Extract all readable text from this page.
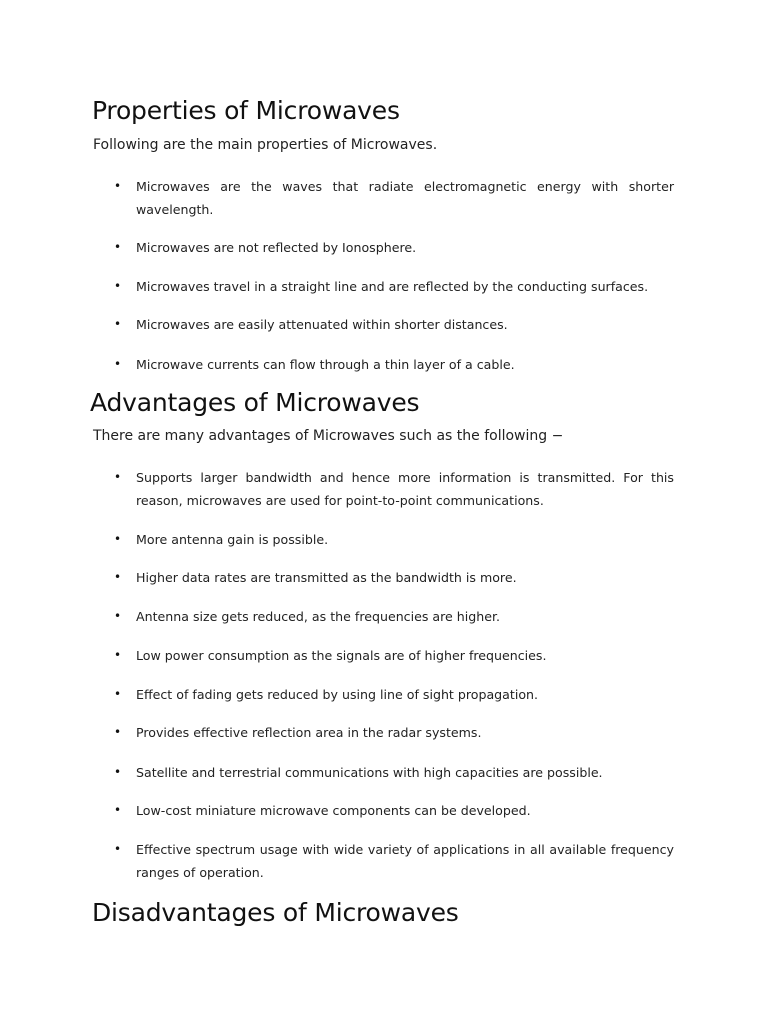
Properties of Microwaves

Following are the main properties of Microwaves.

• Microwaves are the waves that radiate electromagnetic energy with shorter wavelength.
• Microwaves are not reflected by Ionosphere.
• Microwaves travel in a straight line and are reflected by the conducting surfaces.
• Microwaves are easily attenuated within shorter distances.
• Microwave currents can flow through a thin layer of a cable.
Advantages of Microwaves

There are many advantages of Microwaves such as the following −

• Supports larger bandwidth and hence more information is transmitted. For this reason, microwaves are used for point-to-point communications.
• More antenna gain is possible.
• Higher data rates are transmitted as the bandwidth is more.
• Antenna size gets reduced, as the frequencies are higher.
• Low power consumption as the signals are of higher frequencies.
• Effect of fading gets reduced by using line of sight propagation.
• Provides effective reflection area in the radar systems.
• Satellite and terrestrial communications with high capacities are possible.
• Low-cost miniature microwave components can be developed.
• Effective spectrum usage with wide variety of applications in all available frequency ranges of operation.
Disadvantages of Microwaves
